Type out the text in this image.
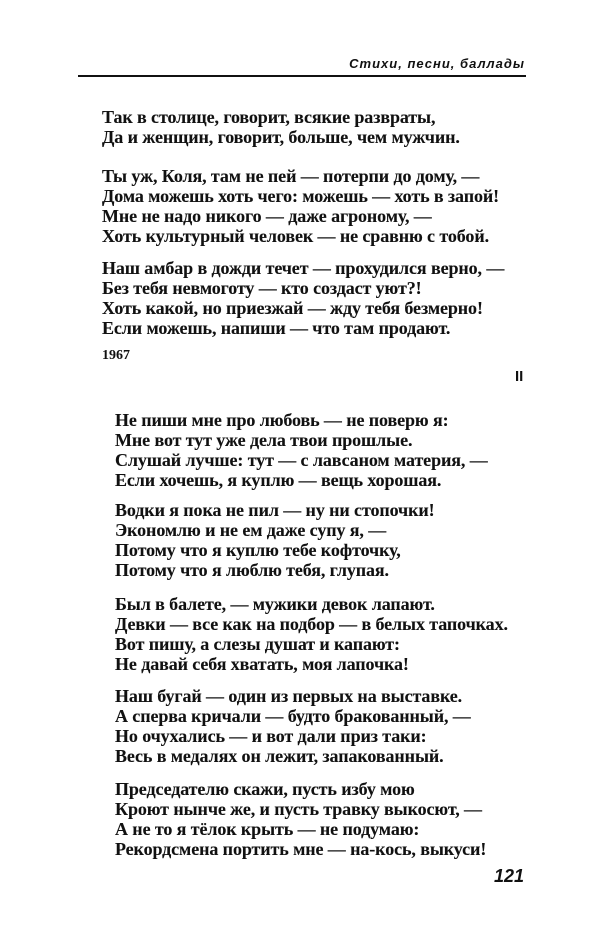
Стихи, песни, баллады
Так в столице, говорит, всякие развраты,
Да и женщин, говорит, больше, чем мужчин.
Ты уж, Коля, там не пей — потерпи до дому, —
Дома можешь хоть чего: можешь — хоть в запой!
Мне не надо никого — даже агроному, —
Хоть культурный человек — не сравню с тобой.
Наш амбар в дожди течет — прохудился верно, —
Без тебя невмоготу — кто создаст уют?!
Хоть какой, но приезжай — жду тебя безмерно!
Если можешь, напиши — что там продают.
1967
II
Не пиши мне про любовь — не поверю я:
Мне вот тут уже дела твои прошлые.
Слушай лучше: тут — с лавсаном материя, —
Если хочешь, я куплю — вещь хорошая.
Водки я пока не пил — ну ни стопочки!
Экономлю и не ем даже супу я, —
Потому что я куплю тебе кофточку,
Потому что я люблю тебя, глупая.
Был в балете, — мужики девок лапают.
Девки — все как на подбор — в белых тапочках.
Вот пишу, а слезы душат и капают:
Не давай себя хватать, моя лапочка!
Наш бугай — один из первых на выставке.
А сперва кричали — будто бракованный, —
Но очухались — и вот дали приз таки:
Весь в медалях он лежит, запакованный.
Председателю скажи, пусть избу мою
Кроют нынче же, и пусть травку выкосют, —
А не то я тёлок крыть — не подумаю:
Рекордсмена портить мне — на-кось, выкуси!
121
